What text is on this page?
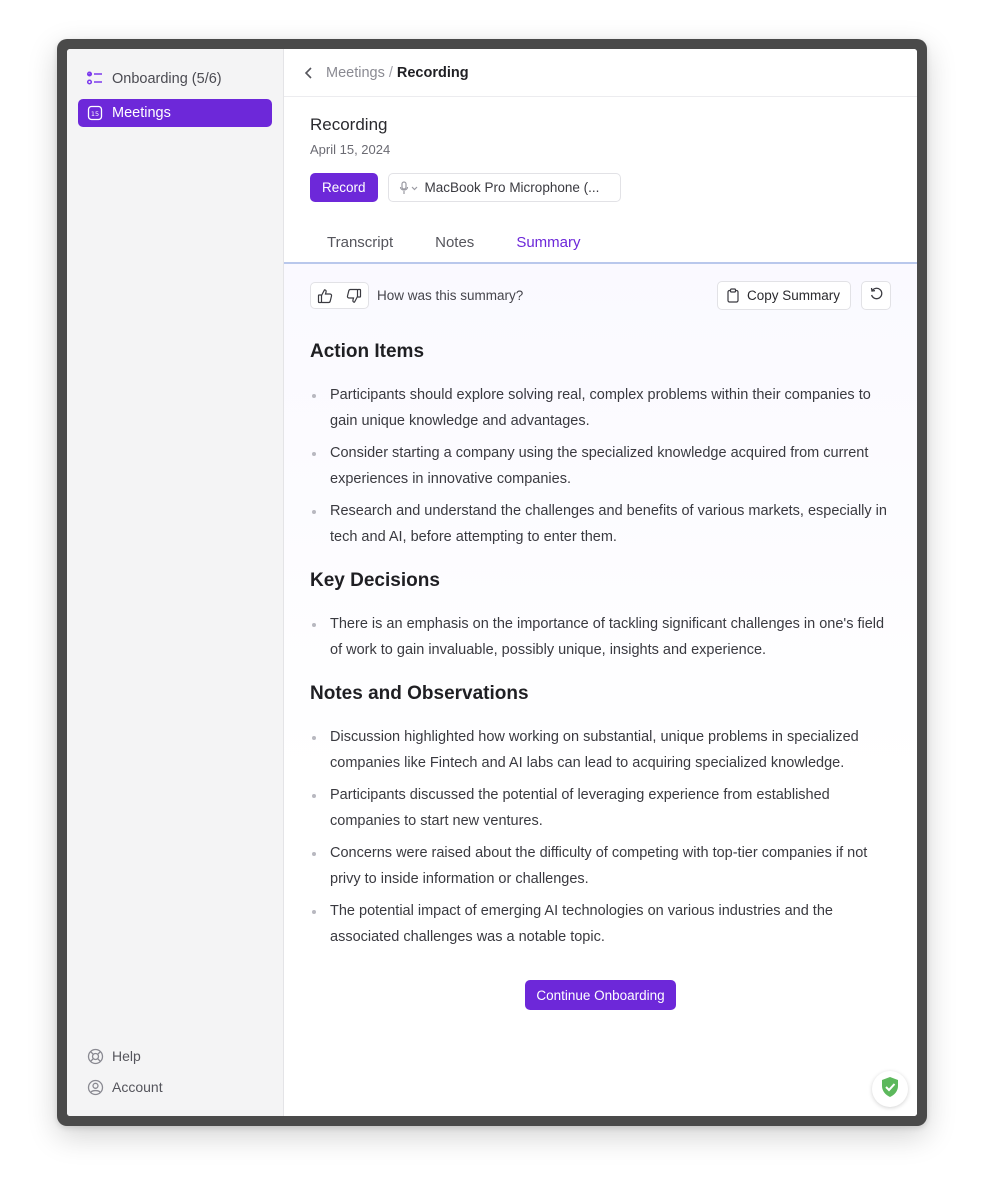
Onboarding (5/6)
15 Meetings
Help
Account
Meetings / Recording
Recording
April 15, 2024
Record	MacBook Pro Microphone (...
Transcript	Notes	Summary
How was this summary?	Copy Summary
Action Items
Participants should explore solving real, complex problems within their companies to gain unique knowledge and advantages.
Consider starting a company using the specialized knowledge acquired from current experiences in innovative companies.
Research and understand the challenges and benefits of various markets, especially in tech and AI, before attempting to enter them.
Key Decisions
There is an emphasis on the importance of tackling significant challenges in one's field of work to gain invaluable, possibly unique, insights and experience.
Notes and Observations
Discussion highlighted how working on substantial, unique problems in specialized companies like Fintech and AI labs can lead to acquiring specialized knowledge.
Participants discussed the potential of leveraging experience from established companies to start new ventures.
Concerns were raised about the difficulty of competing with top-tier companies if not privy to inside information or challenges.
The potential impact of emerging AI technologies on various industries and the associated challenges was a notable topic.
Continue Onboarding
